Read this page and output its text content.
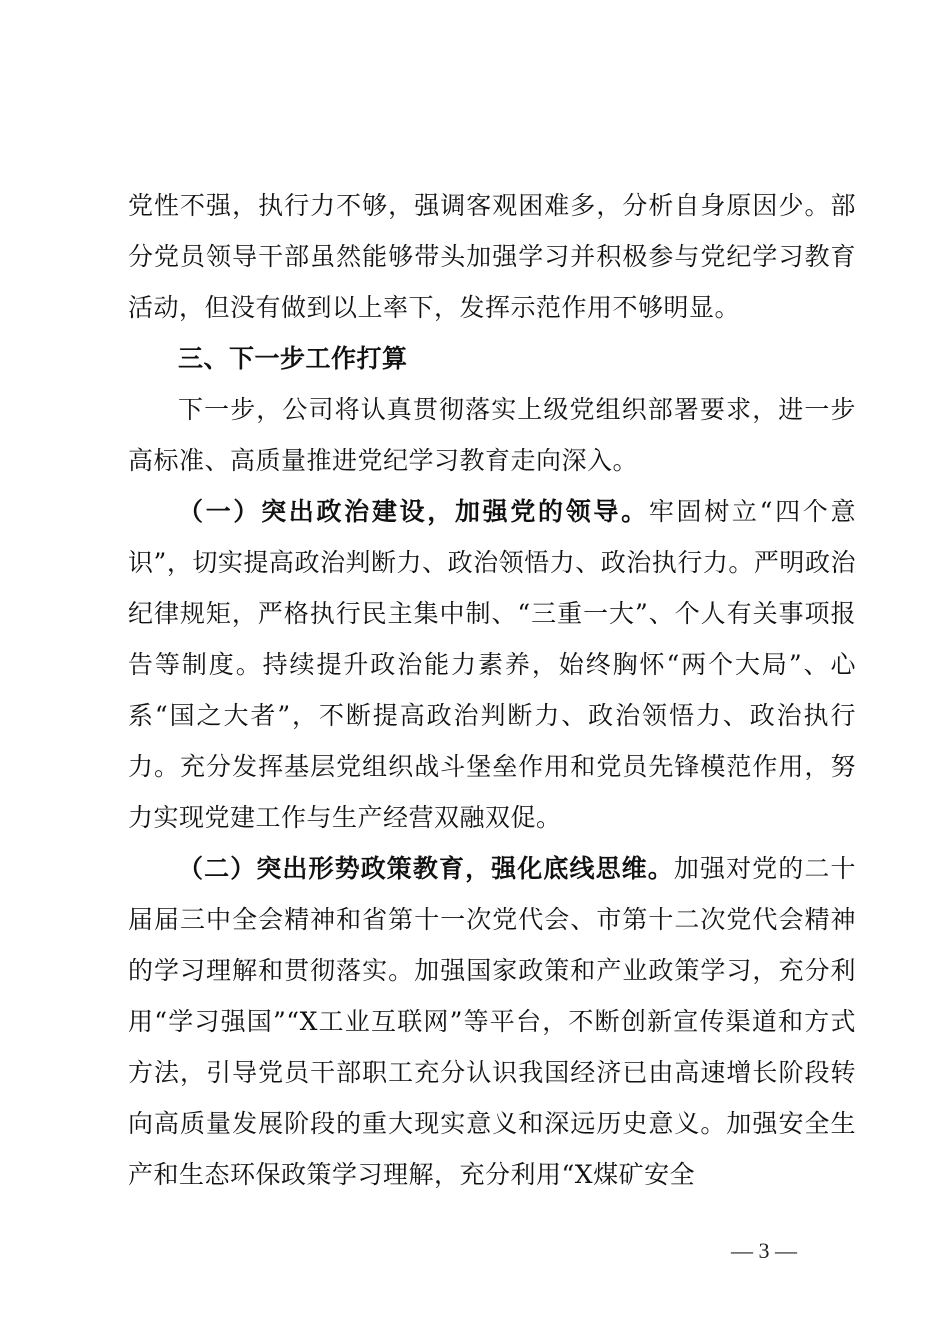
党性不强，执行力不够，强调客观困难多，分析自身原因少。部分党员领导干部虽然能够带头加强学习并积极参与党纪学习教育活动，但没有做到以上率下，发挥示范作用不够明显。

三、下一步工作打算

下一步，公司将认真贯彻落实上级党组织部署要求，进一步高标准、高质量推进党纪学习教育走向深入。

（一）突出政治建设，加强党的领导。牢固树立“四个意识”，切实提高政治判断力、政治领悟力、政治执行力。严明政治纪律规矩，严格执行民主集中制、“三重一大”、个人有关事项报告等制度。持续提升政治能力素养，始终胸怀“两个大局”、心系“国之大者”，不断提高政治判断力、政治领悟力、政治执行力。充分发挥基层党组织战斗堡垒作用和党员先锋模范作用，努力实现党建工作与生产经营双融双促。

（二）突出形势政策教育，强化底线思维。加强对党的二十届届三中全会精神和省第十一次党代会、市第十二次党代会精神的学习理解和贯彻落实。加强国家政策和产业政策学习，充分利用“学习强国”“X工业互联网”等平台，不断创新宣传渠道和方式方法，引导党员干部职工充分认识我国经济已由高速增长阶段转向高质量发展阶段的重大现实意义和深远历史意义。加强安全生产和生态环保政策学习理解，充分利用“X煤矿安全

— 3 —
